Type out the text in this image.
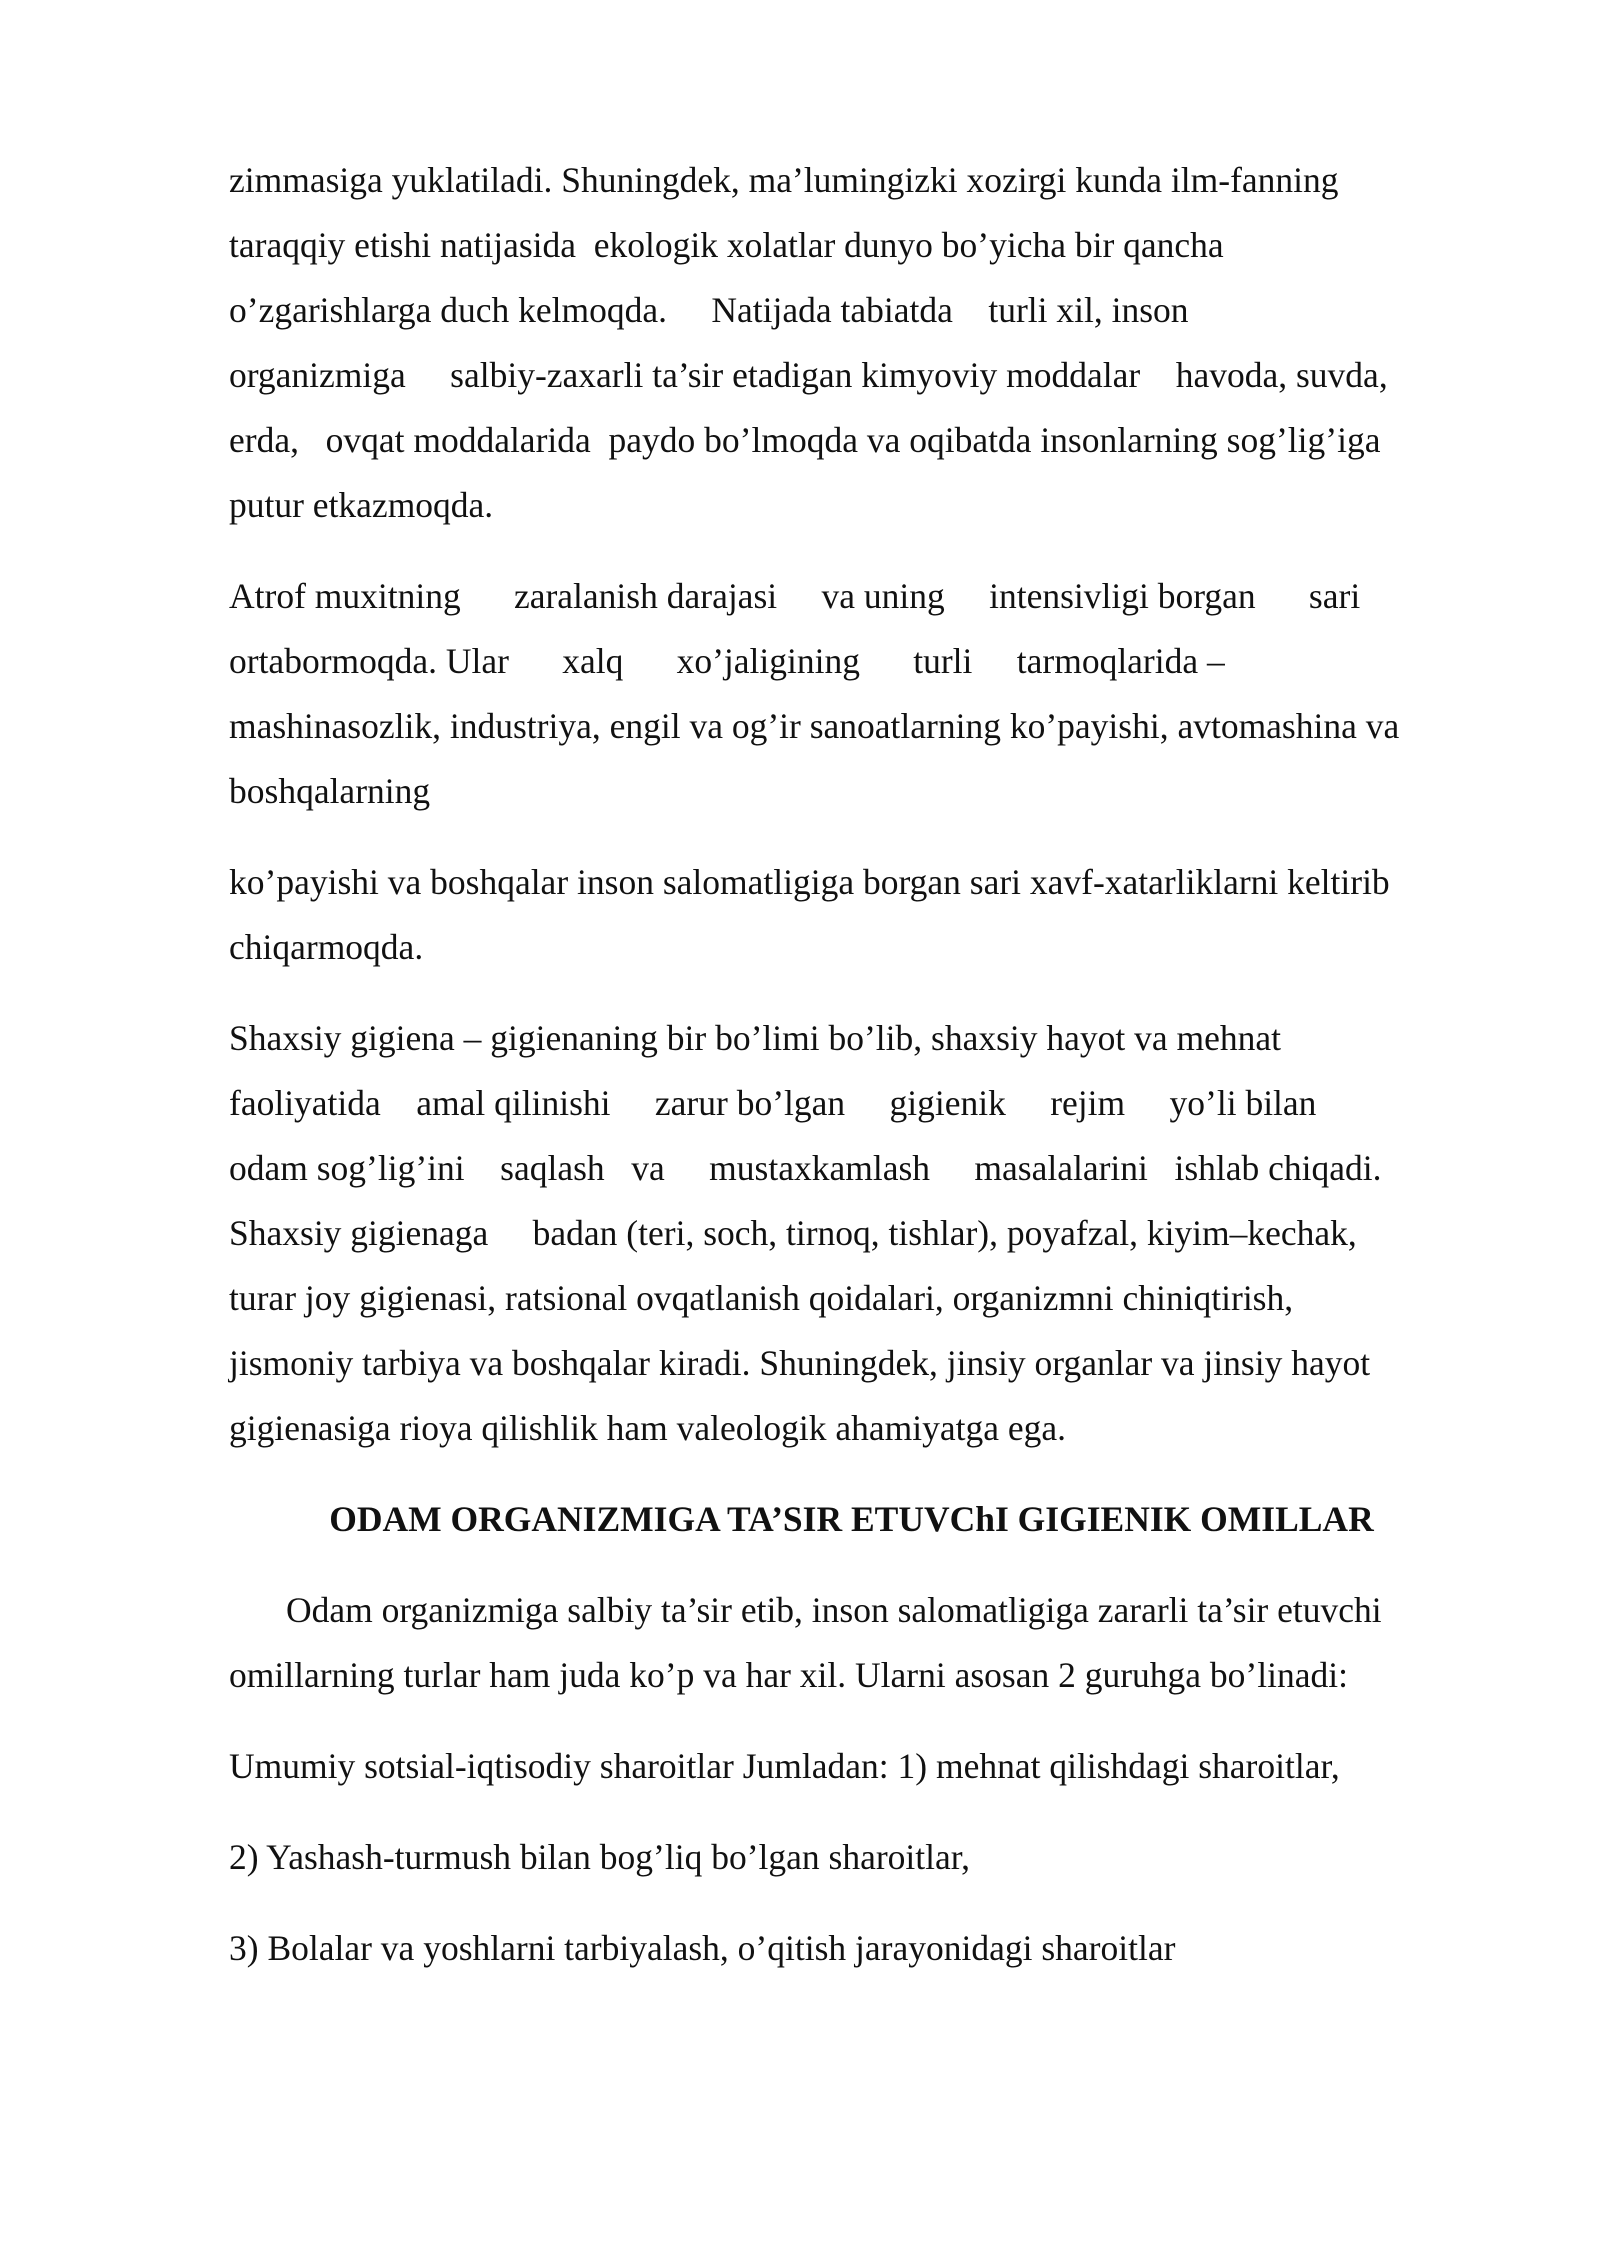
zimmasiga yuklatiladi. Shuningdek, ma’lumingizki xozirgi kunda ilm-fanning
taraqqiy etishi natijasida  ekologik xolatlar dunyo bo’yicha bir qancha
o’zgarishlarga duch kelmoqda.     Natijada tabiatda    turli xil, inson
organizmiga     salbiy-zaxarli ta’sir etadigan kimyoviy moddalar    havoda, suvda,
erda,   ovqat moddalarida  paydo bo’lmoqda va oqibatda insonlarning sog’lig’iga
putur etkazmoqda.
Atrof muxitning      zaralanish darajasi     va uning     intensivligi borgan      sari
ortabormoqda. Ular      xalq      xo’jaligining      turli     tarmoqlarida –
mashinasozlik, industriya, engil va og’ir sanoatlarning ko’payishi, avtomashina va
boshqalarning
ko’payishi va boshqalar inson salomatligiga borgan sari xavf-xatarliklarni keltirib
chiqarmoqda.
Shaxsiy gigiena – gigienaning bir bo’limi bo’lib, shaxsiy hayot va mehnat
faoliyatida    amal qilinishi     zarur bo’lgan     gigienik     rejim     yo’li bilan
odam sog’lig’ini    saqlash   va     mustaxkamlash     masalalarini   ishlab chiqadi.
Shaxsiy gigienaga     badan (teri, soch, tirnoq, tishlar), poyafzal, kiyim–kechak,
turar joy gigienasi, ratsional ovqatlanish qoidalari, organizmni chiniqtirish,
jismoniy tarbiya va boshqalar kiradi. Shuningdek, jinsiy organlar va jinsiy hayot
gigienasiga rioya qilishlik ham valeologik ahamiyatga ega.
ODAM ORGANIZMIGA TA’SIR ETUVChI GIGIENIK OMILLAR
Odam organizmiga salbiy ta’sir etib, inson salomatligiga zararli ta’sir etuvchi
omillarning turlar ham juda ko’p va har xil. Ularni asosan 2 guruhga bo’linadi:
Umumiy sotsial-iqtisodiy sharoitlar Jumladan: 1) mehnat qilishdagi sharoitlar,
2) Yashash-turmush bilan bog’liq bo’lgan sharoitlar,
3) Bolalar va yoshlarni tarbiyalash, o’qitish jarayonidagi sharoitlar
